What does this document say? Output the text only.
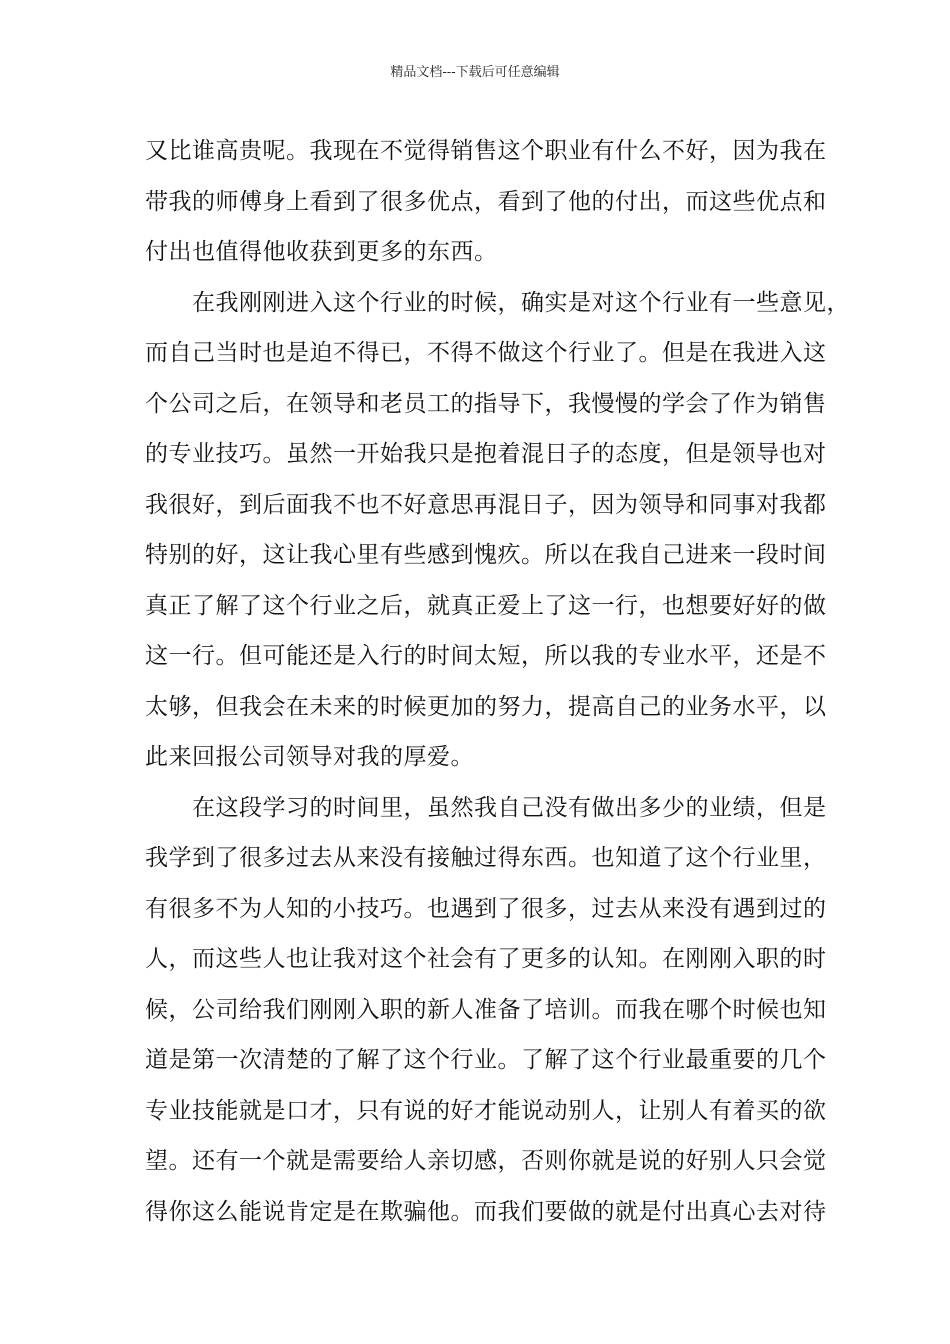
精品文档---下载后可任意编辑
又比谁高贵呢。我现在不觉得销售这个职业有什么不好，因为我在
带我的师傅身上看到了很多优点，看到了他的付出，而这些优点和
付出也值得他收获到更多的东西。
在我刚刚进入这个行业的时候，确实是对这个行业有一些意见，
而自己当时也是迫不得已，不得不做这个行业了。但是在我进入这
个公司之后，在领导和老员工的指导下，我慢慢的学会了作为销售
的专业技巧。虽然一开始我只是抱着混日子的态度，但是领导也对
我很好，到后面我不也不好意思再混日子，因为领导和同事对我都
特别的好，这让我心里有些感到愧疚。所以在我自己进来一段时间
真正了解了这个行业之后，就真正爱上了这一行，也想要好好的做
这一行。但可能还是入行的时间太短，所以我的专业水平，还是不
太够，但我会在未来的时候更加的努力，提高自己的业务水平，以
此来回报公司领导对我的厚爱。
在这段学习的时间里，虽然我自己没有做出多少的业绩，但是
我学到了很多过去从来没有接触过得东西。也知道了这个行业里，
有很多不为人知的小技巧。也遇到了很多，过去从来没有遇到过的
人，而这些人也让我对这个社会有了更多的认知。在刚刚入职的时
候，公司给我们刚刚入职的新人准备了培训。而我在哪个时候也知
道是第一次清楚的了解了这个行业。了解了这个行业最重要的几个
专业技能就是口才，只有说的好才能说动别人，让别人有着买的欲
望。还有一个就是需要给人亲切感，否则你就是说的好别人只会觉
得你这么能说肯定是在欺骗他。而我们要做的就是付出真心去对待
